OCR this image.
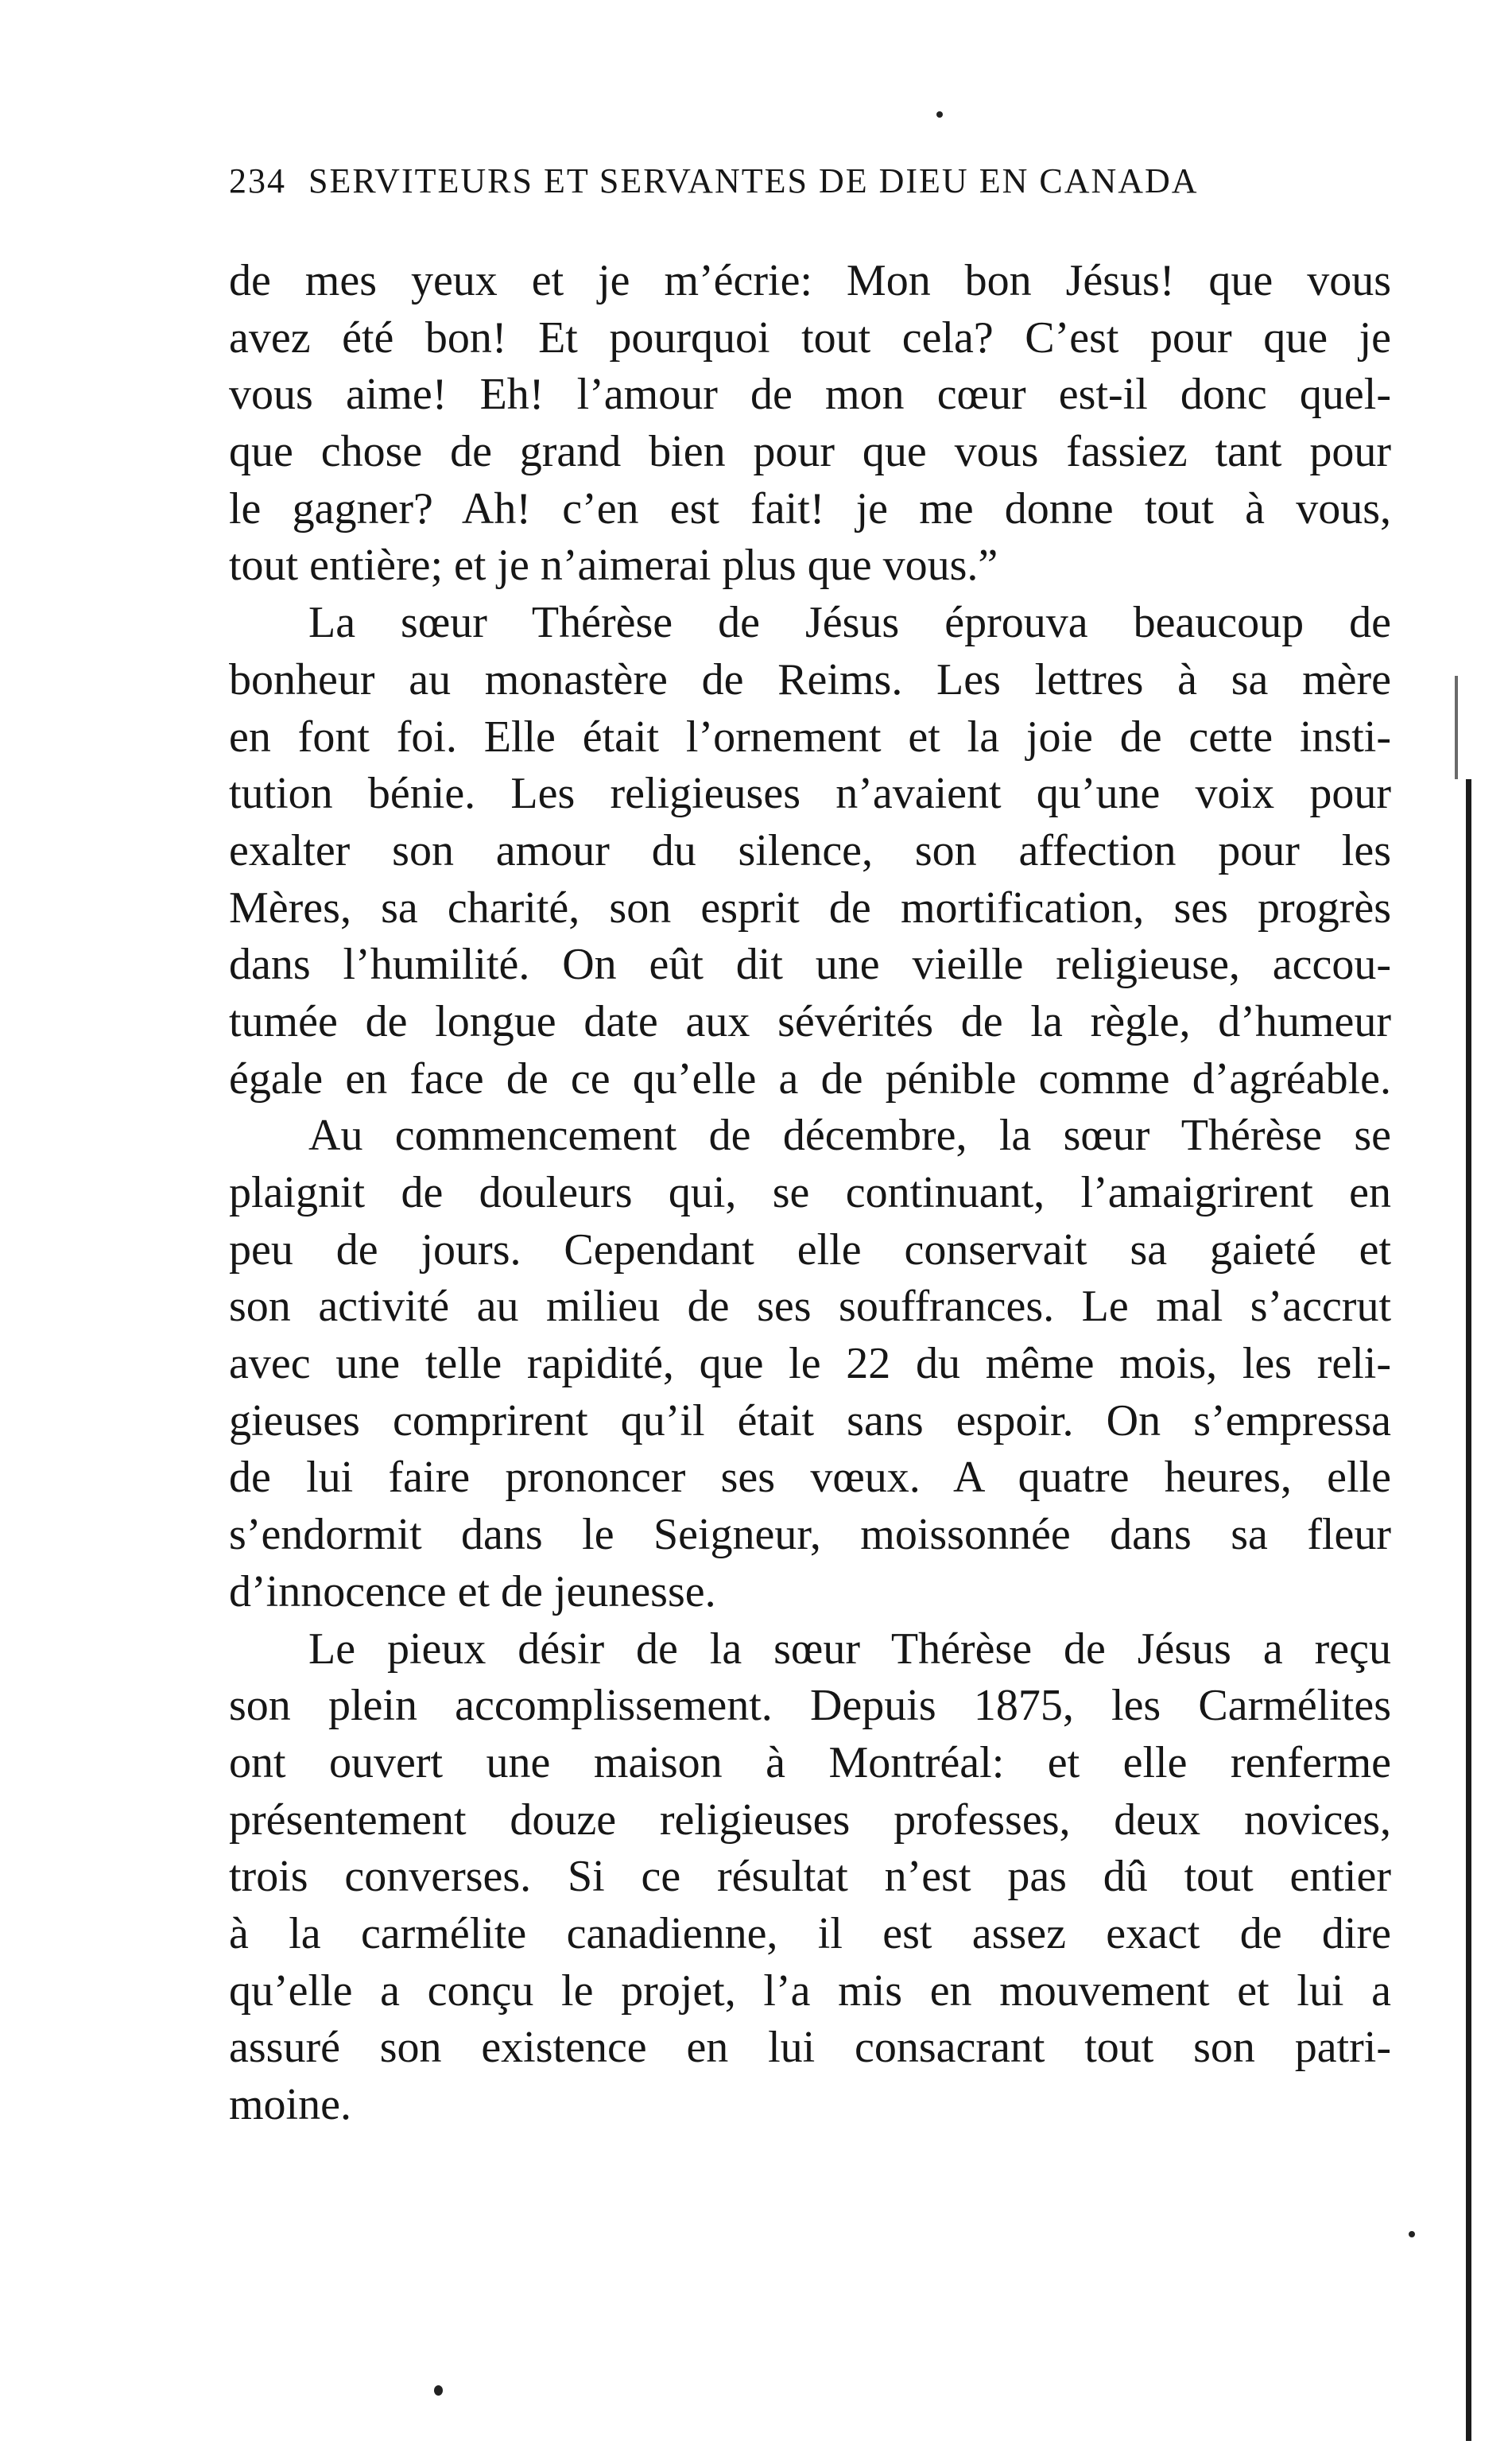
234 SERVITEURS ET SERVANTES DE DIEU EN CANADA
de mes yeux et je m’écrie: Mon bon Jésus! que vous
avez été bon! Et pourquoi tout cela? C’est pour que je
vous aime! Eh! l’amour de mon cœur est-il donc quel-
que chose de grand bien pour que vous fassiez tant pour
le gagner? Ah! c’en est fait! je me donne tout à vous,
tout entière; et je n’aimerai plus que vous.”
La sœur Thérèse de Jésus éprouva beaucoup de
bonheur au monastère de Reims. Les lettres à sa mère
en font foi. Elle était l’ornement et la joie de cette insti-
tution bénie. Les religieuses n’avaient qu’une voix pour
exalter son amour du silence, son affection pour les
Mères, sa charité, son esprit de mortification, ses progrès
dans l’humilité. On eût dit une vieille religieuse, accou-
tumée de longue date aux sévérités de la règle, d’humeur
égale en face de ce qu’elle a de pénible comme d’agréable.
Au commencement de décembre, la sœur Thérèse se
plaignit de douleurs qui, se continuant, l’amaigrirent en
peu de jours. Cependant elle conservait sa gaieté et
son activité au milieu de ses souffrances. Le mal s’accrut
avec une telle rapidité, que le 22 du même mois, les reli-
gieuses comprirent qu’il était sans espoir. On s’empressa
de lui faire prononcer ses vœux. A quatre heures, elle
s’endormit dans le Seigneur, moissonnée dans sa fleur
d’innocence et de jeunesse.
Le pieux désir de la sœur Thérèse de Jésus a reçu
son plein accomplissement. Depuis 1875, les Carmélites
ont ouvert une maison à Montréal: et elle renferme
présentement douze religieuses professes, deux novices,
trois converses. Si ce résultat n’est pas dû tout entier
à la carmélite canadienne, il est assez exact de dire
qu’elle a conçu le projet, l’a mis en mouvement et lui a
assuré son existence en lui consacrant tout son patri-
moine.
